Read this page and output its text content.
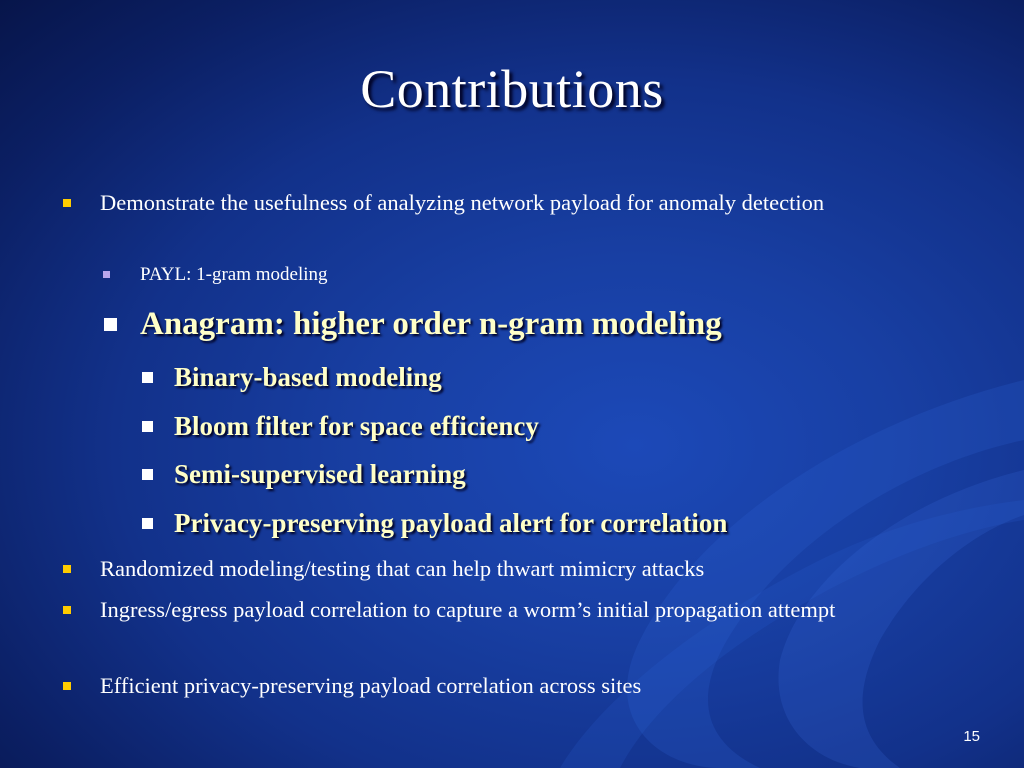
Contributions
Demonstrate the usefulness of analyzing network payload for anomaly detection
PAYL: 1-gram modeling
Anagram: higher order n-gram modeling
Binary-based modeling
Bloom filter for space efficiency
Semi-supervised learning
Privacy-preserving payload alert for correlation
Randomized modeling/testing that can help thwart mimicry attacks
Ingress/egress payload correlation to capture a worm’s initial propagation attempt
Efficient privacy-preserving payload correlation across sites
15
